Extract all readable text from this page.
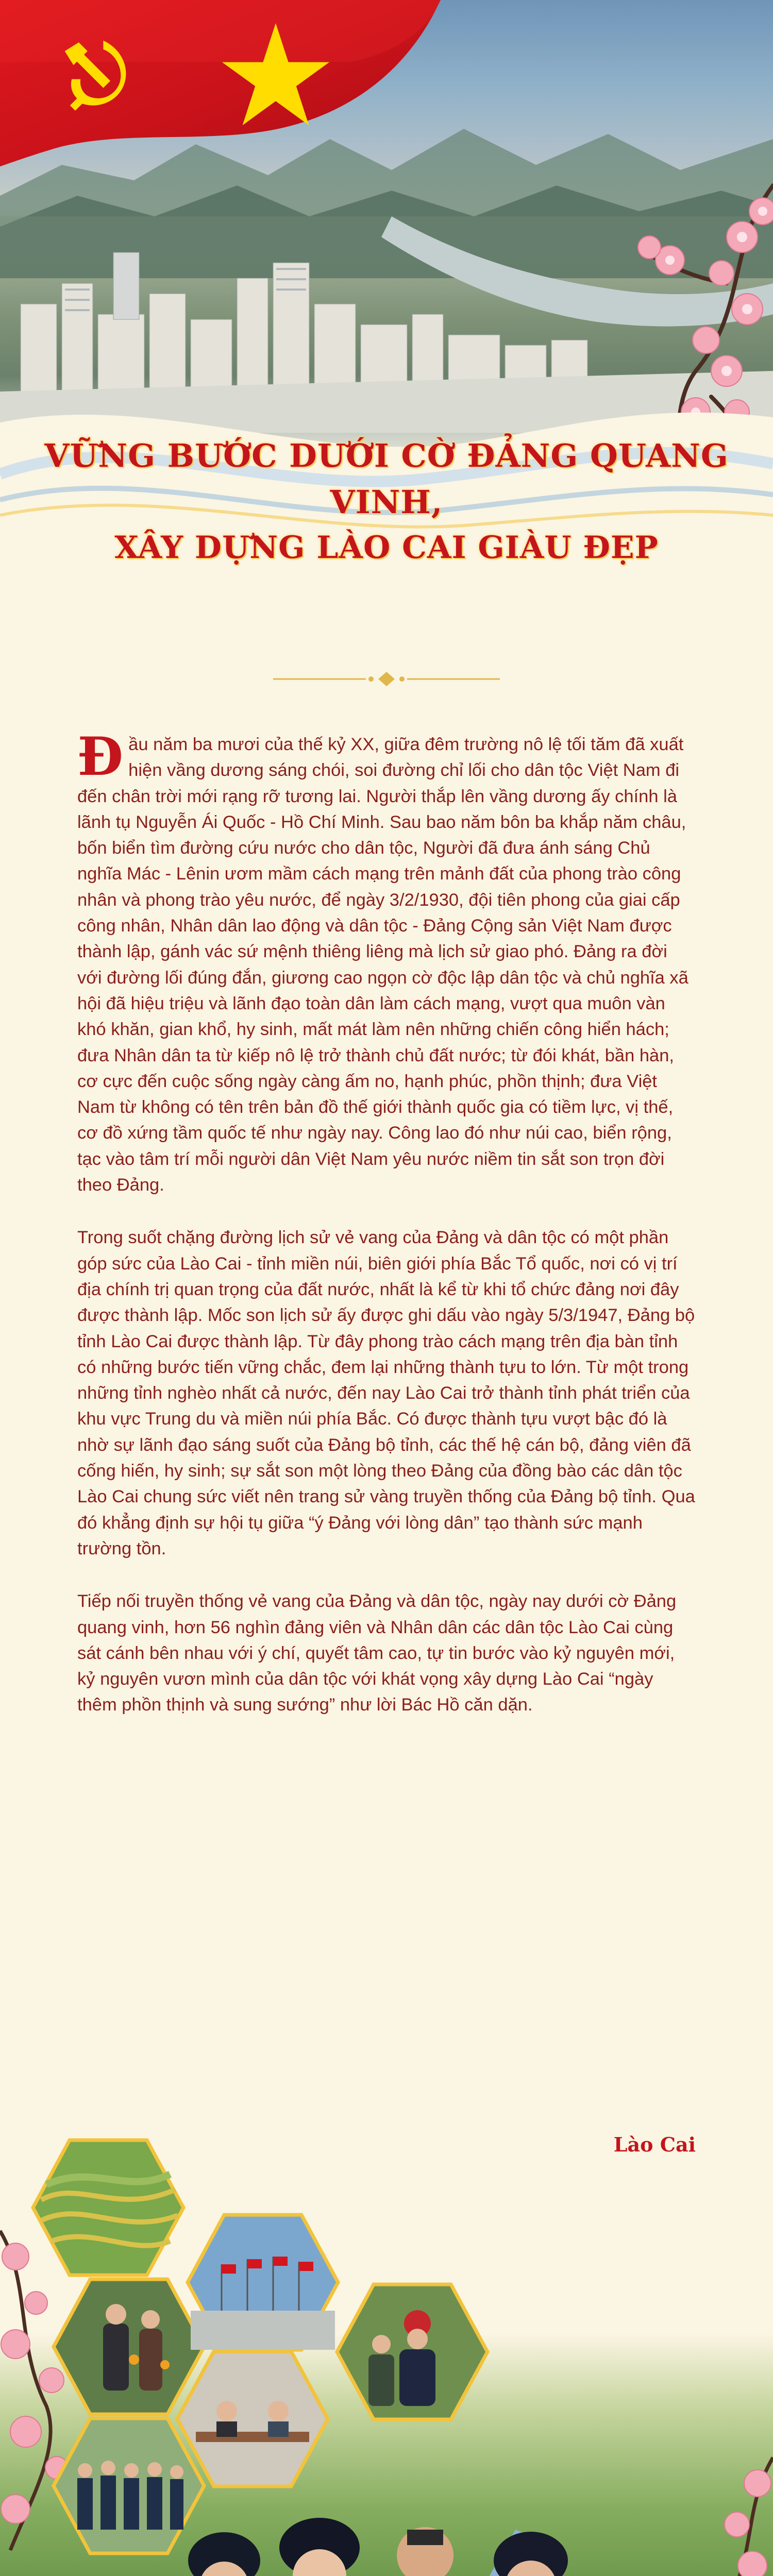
VỮNG BƯỚC DƯỚI CỜ ĐẢNG QUANG VINH,
XÂY DỰNG LÀO CAI GIÀU ĐẸP

Đầu năm ba mươi của thế kỷ XX, giữa đêm trường nô lệ tối tăm đã xuất hiện vầng dương sáng chói, soi đường chỉ lối cho dân tộc Việt Nam đi đến chân trời mới rạng rỡ tương lai. Người thắp lên vầng dương ấy chính là lãnh tụ Nguyễn Ái Quốc - Hồ Chí Minh. Sau bao năm bôn ba khắp năm châu, bốn biển tìm đường cứu nước cho dân tộc, Người đã đưa ánh sáng Chủ nghĩa Mác - Lênin ươm mầm cách mạng trên mảnh đất của phong trào công nhân và phong trào yêu nước, để ngày 3/2/1930, đội tiên phong của giai cấp công nhân, Nhân dân lao động và dân tộc - Đảng Cộng sản Việt Nam được thành lập, gánh vác sứ mệnh thiêng liêng mà lịch sử giao phó. Đảng ra đời với đường lối đúng đắn, giương cao ngọn cờ độc lập dân tộc và chủ nghĩa xã hội đã hiệu triệu và lãnh đạo toàn dân làm cách mạng, vượt qua muôn vàn khó khăn, gian khổ, hy sinh, mất mát làm nên những chiến công hiển hách; đưa Nhân dân ta từ kiếp nô lệ trở thành chủ đất nước; từ đói khát, bần hàn, cơ cực đến cuộc sống ngày càng ấm no, hạnh phúc, phồn thịnh; đưa Việt Nam từ không có tên trên bản đồ thế giới thành quốc gia có tiềm lực, vị thế, cơ đồ xứng tầm quốc tế như ngày nay. Công lao đó như núi cao, biển rộng, tạc vào tâm trí mỗi người dân Việt Nam yêu nước niềm tin sắt son trọn đời theo Đảng.

Trong suốt chặng đường lịch sử vẻ vang của Đảng và dân tộc có một phần góp sức của Lào Cai - tỉnh miền núi, biên giới phía Bắc Tổ quốc, nơi có vị trí địa chính trị quan trọng của đất nước, nhất là kể từ khi tổ chức đảng nơi đây được thành lập. Mốc son lịch sử ấy được ghi dấu vào ngày 5/3/1947, Đảng bộ tỉnh Lào Cai được thành lập. Từ đây phong trào cách mạng trên địa bàn tỉnh có những bước tiến vững chắc, đem lại những thành tựu to lớn. Từ một trong những tỉnh nghèo nhất cả nước, đến nay Lào Cai trở thành tỉnh phát triển của khu vực Trung du và miền núi phía Bắc. Có được thành tựu vượt bậc đó là nhờ sự lãnh đạo sáng suốt của Đảng bộ tỉnh, các thế hệ cán bộ, đảng viên đã cống hiến, hy sinh; sự sắt son một lòng theo Đảng của đồng bào các dân tộc Lào Cai chung sức viết nên trang sử vàng truyền thống của Đảng bộ tỉnh. Qua đó khẳng định sự hội tụ giữa “ý Đảng với lòng dân” tạo thành sức mạnh trường tồn.

Tiếp nối truyền thống vẻ vang của Đảng và dân tộc, ngày nay dưới cờ Đảng quang vinh, hơn 56 nghìn đảng viên và Nhân dân các dân tộc Lào Cai cùng sát cánh bên nhau với ý chí, quyết tâm cao, tự tin bước vào kỷ nguyên mới, kỷ nguyên vươn mình của dân tộc với khát vọng xây dựng Lào Cai “ngày thêm phồn thịnh và sung sướng” như lời Bác Hồ căn dặn.

Lào Cai
